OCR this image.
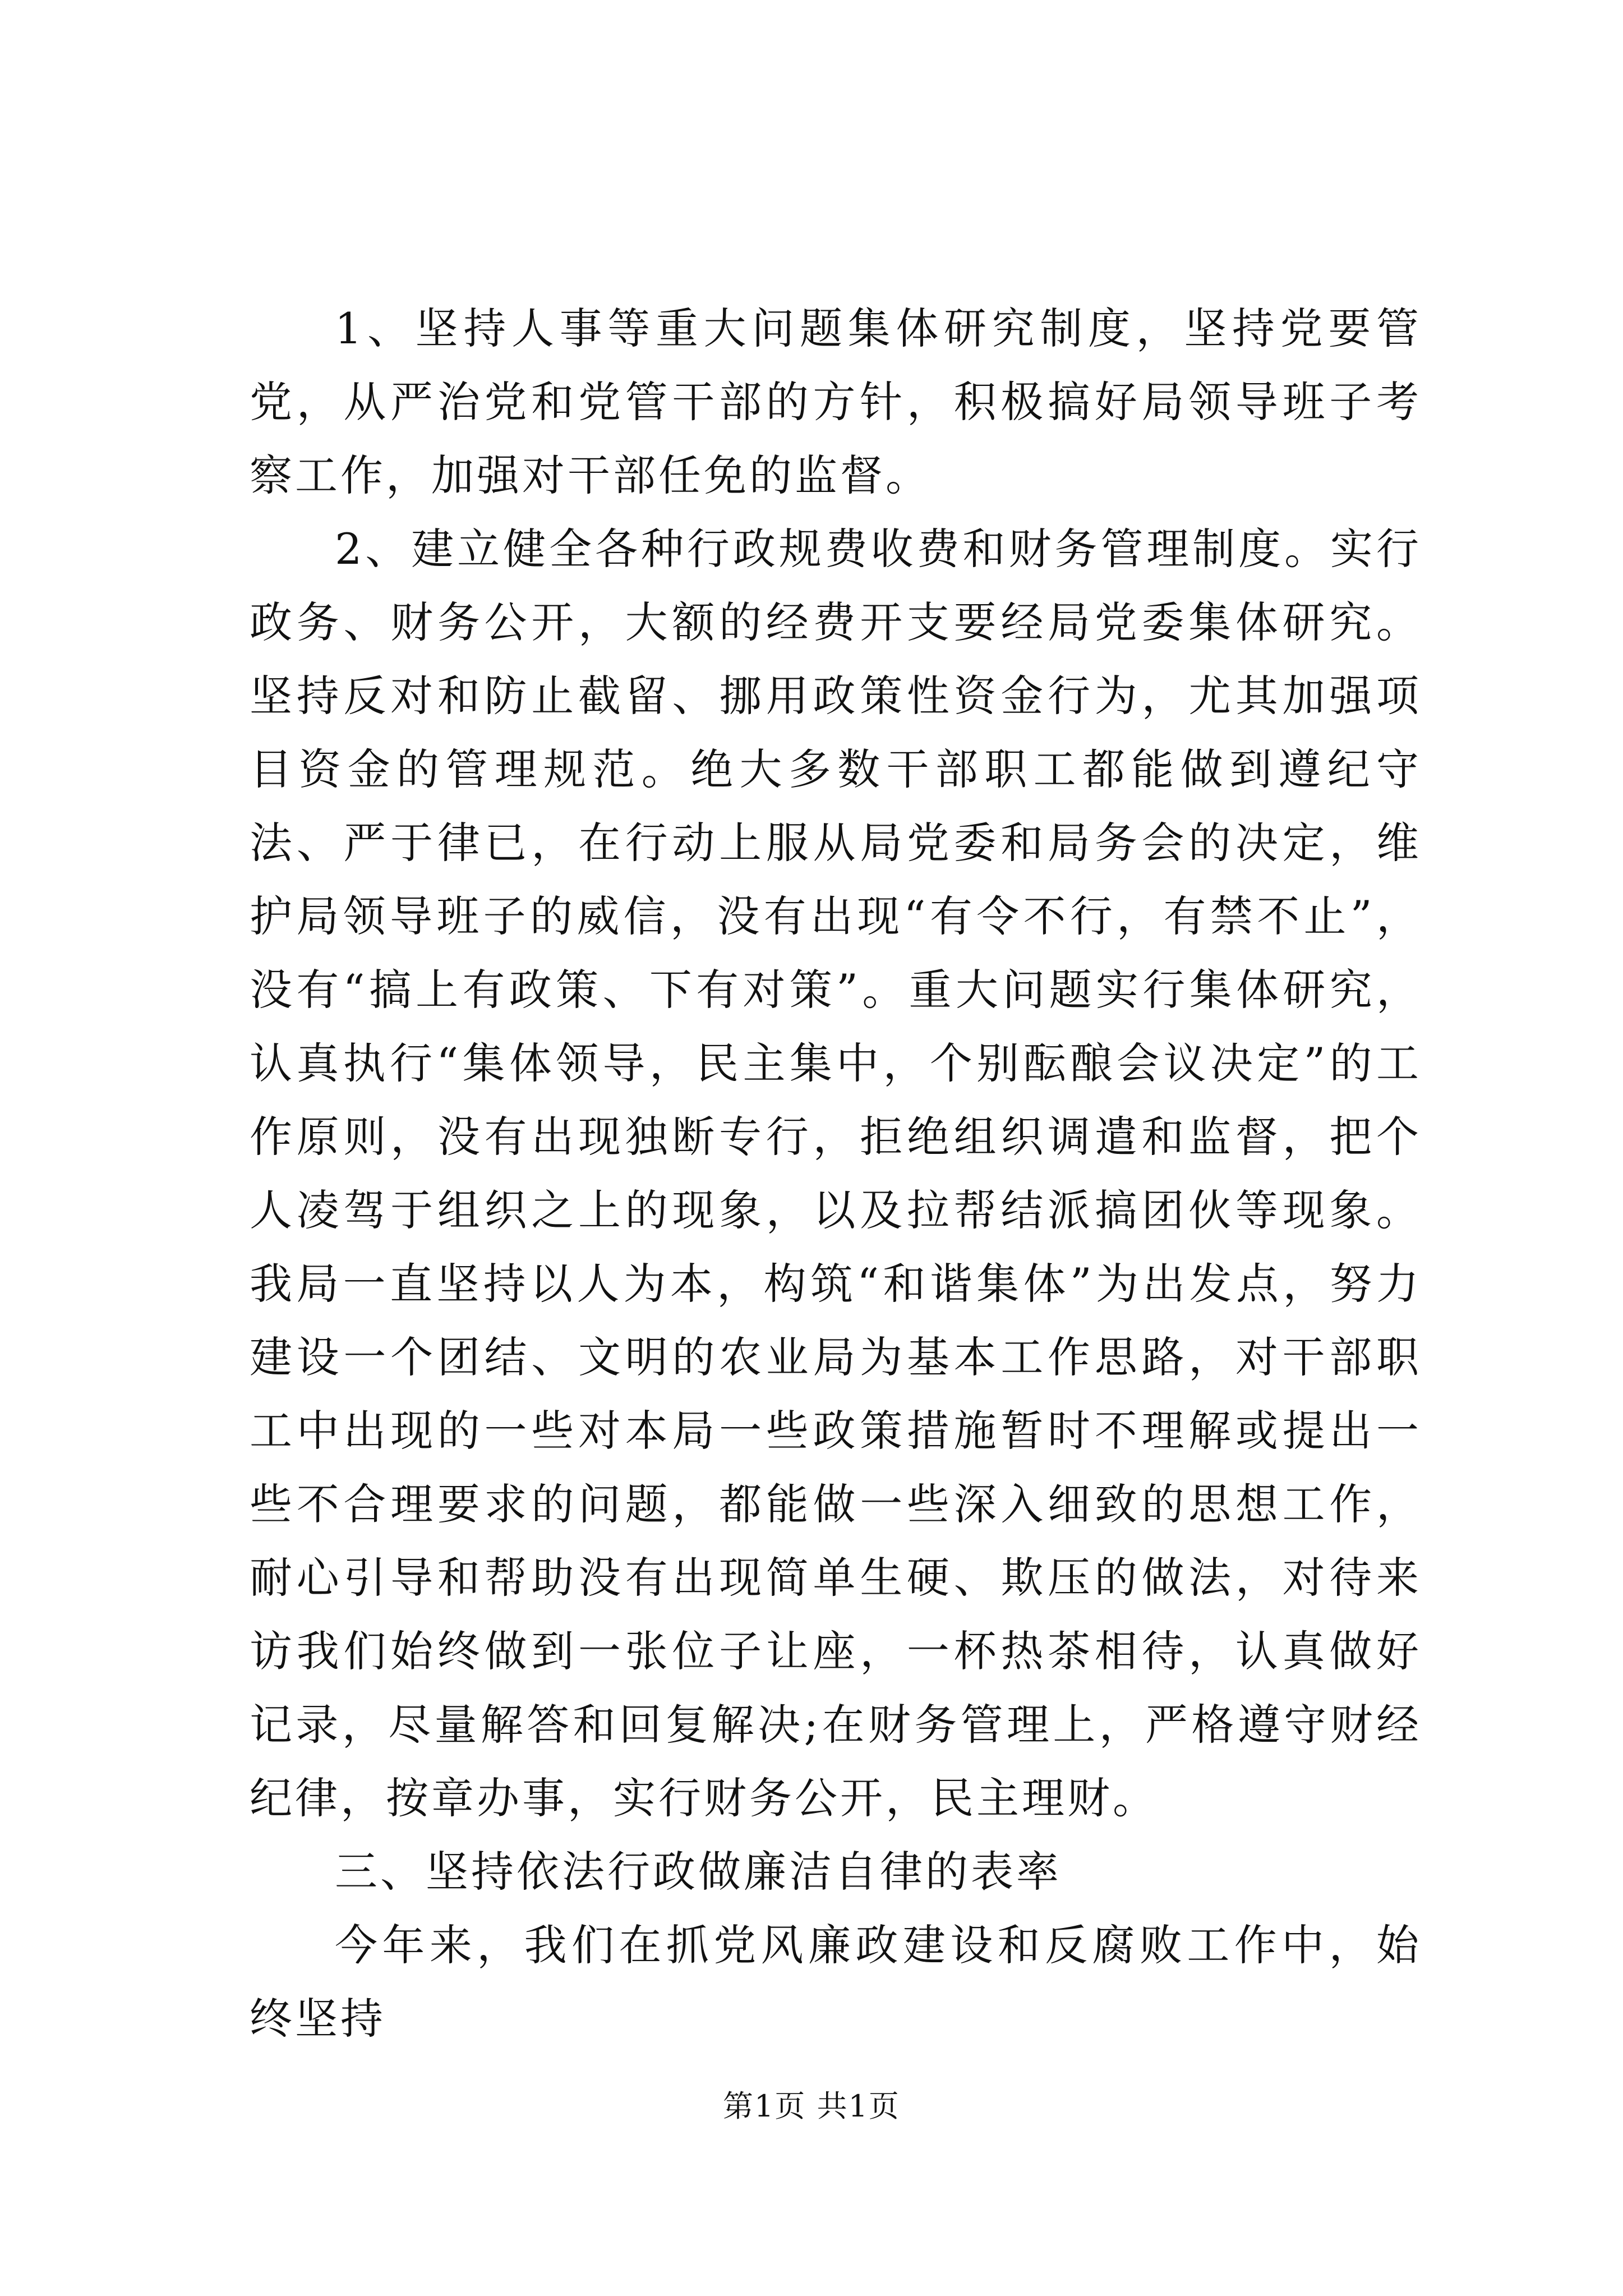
1、坚持人事等重大问题集体研究制度，坚持党要管党，从严治党和党管干部的方针，积极搞好局领导班子考察工作，加强对干部任免的监督。

2、建立健全各种行政规费收费和财务管理制度。实行政务、财务公开，大额的经费开支要经局党委集体研究。坚持反对和防止截留、挪用政策性资金行为，尤其加强项目资金的管理规范。绝大多数干部职工都能做到遵纪守法、严于律已，在行动上服从局党委和局务会的决定，维护局领导班子的威信，没有出现“有令不行，有禁不止”，没有“搞上有政策、下有对策”。重大问题实行集体研究，认真执行“集体领导，民主集中，个别酝酿会议决定”的工作原则，没有出现独断专行，拒绝组织调遣和监督，把个人凌驾于组织之上的现象，以及拉帮结派搞团伙等现象。我局一直坚持以人为本，构筑“和谐集体”为出发点，努力建设一个团结、文明的农业局为基本工作思路，对干部职工中出现的一些对本局一些政策措施暂时不理解或提出一些不合理要求的问题，都能做一些深入细致的思想工作，耐心引导和帮助没有出现简单生硬、欺压的做法，对待来访我们始终做到一张位子让座，一杯热茶相待，认真做好记录，尽量解答和回复解决;在财务管理上，严格遵守财经纪律，按章办事，实行财务公开，民主理财。

三、坚持依法行政做廉洁自律的表率

今年来，我们在抓党风廉政建设和反腐败工作中，始终坚持

第1页 共1页
